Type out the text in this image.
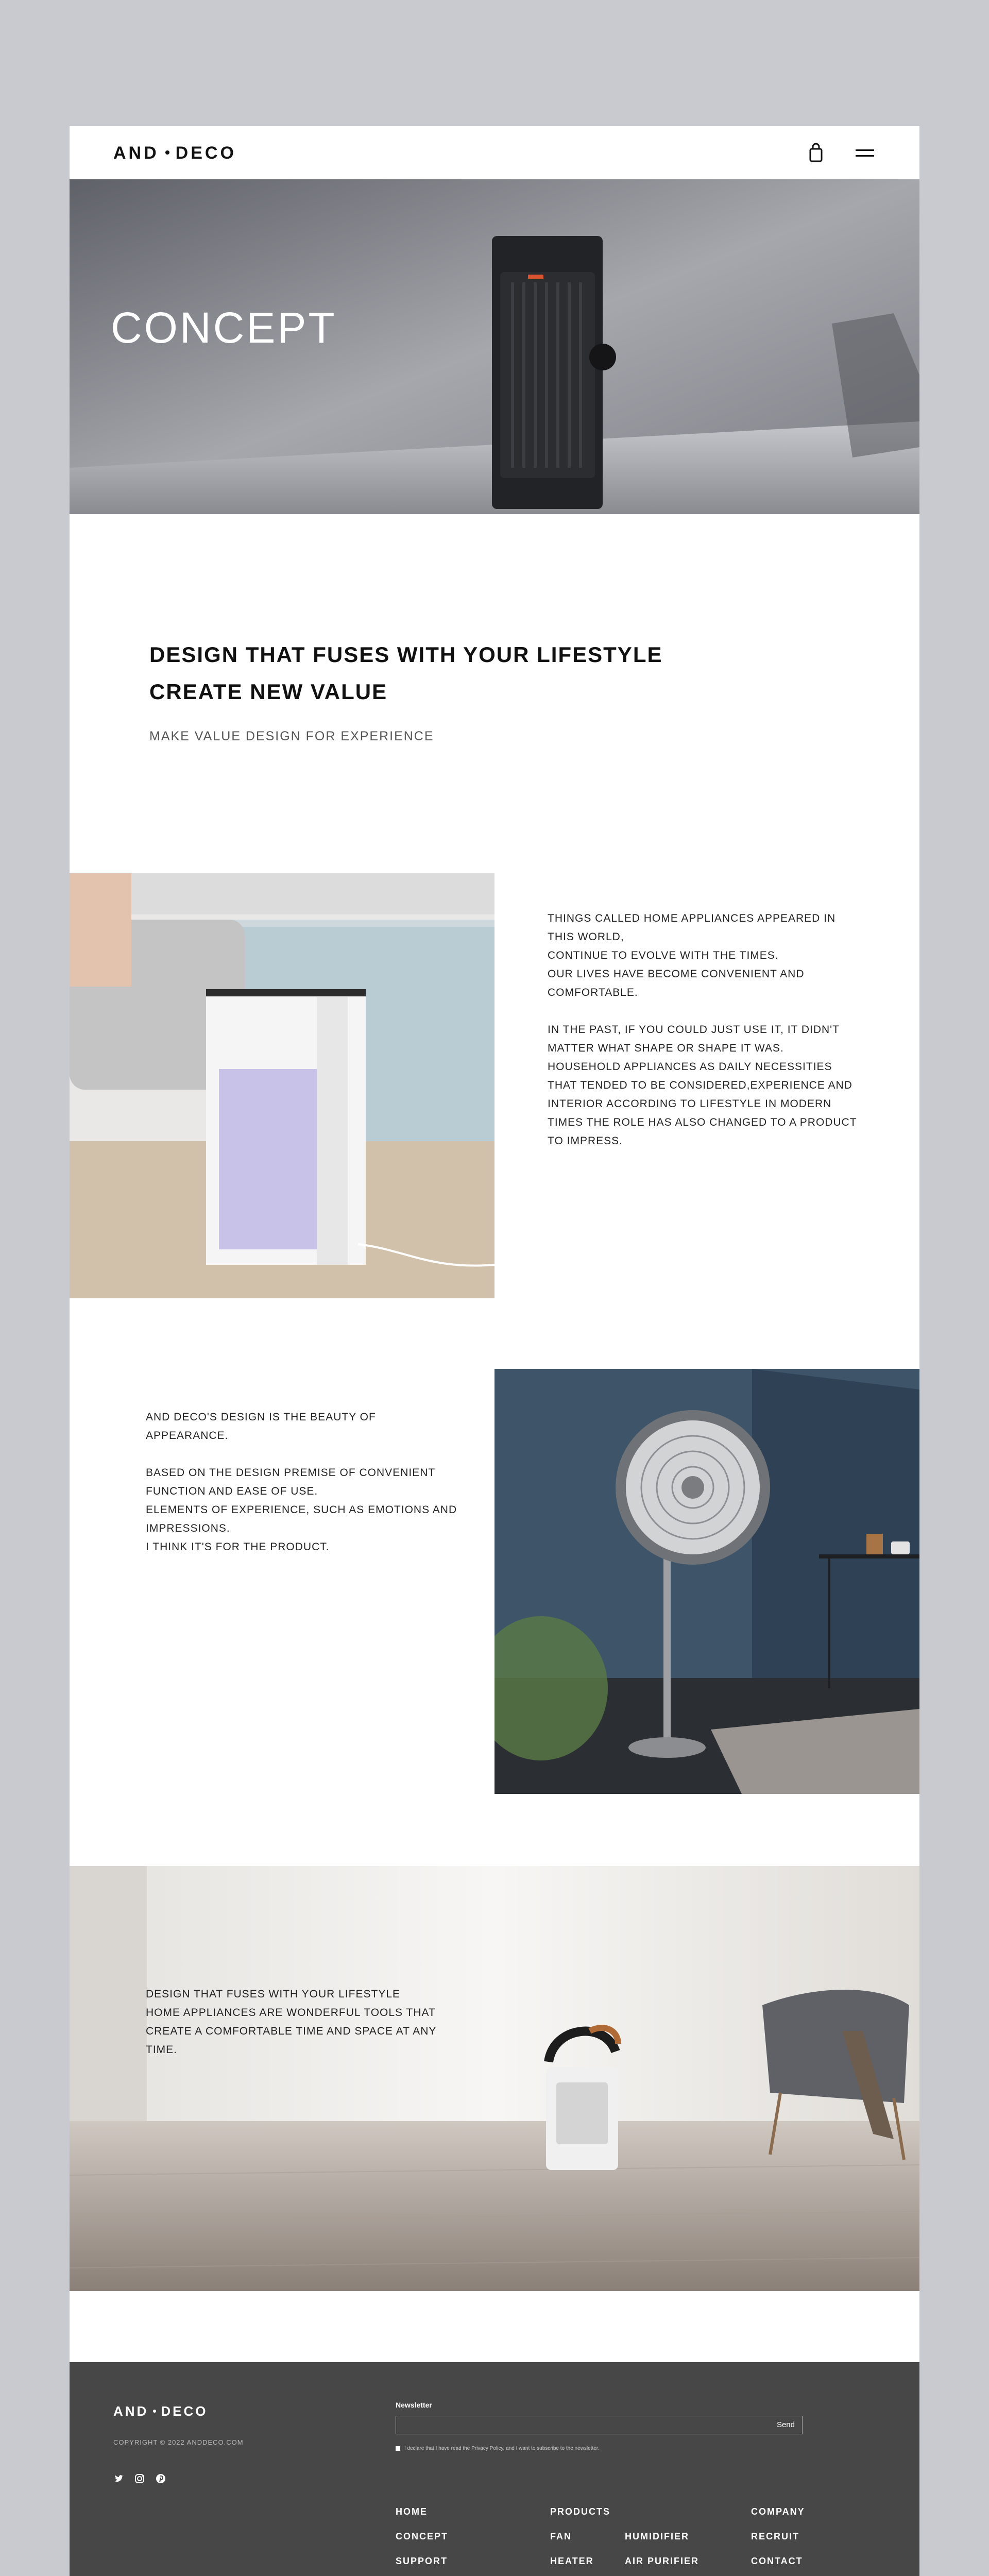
AND DECO
CONCEPT
DESIGN THAT FUSES WITH YOUR LIFESTYLE
CREATE NEW VALUE
MAKE VALUE DESIGN FOR EXPERIENCE

THINGS CALLED HOME APPLIANCES APPEARED IN
THIS WORLD,
CONTINUE TO EVOLVE WITH THE TIMES.
OUR LIVES HAVE BECOME CONVENIENT AND
COMFORTABLE.

IN THE PAST, IF YOU COULD JUST USE IT, IT DIDN'T
MATTER WHAT SHAPE OR SHAPE IT WAS.
HOUSEHOLD APPLIANCES AS DAILY NECESSITIES
THAT TENDED TO BE CONSIDERED,EXPERIENCE AND
INTERIOR ACCORDING TO LIFESTYLE IN MODERN
TIMES THE ROLE HAS ALSO CHANGED TO A PRODUCT
TO IMPRESS.

AND DECO'S DESIGN IS THE BEAUTY OF
APPEARANCE.

BASED ON THE DESIGN PREMISE OF CONVENIENT
FUNCTION AND EASE OF USE.
ELEMENTS OF EXPERIENCE, SUCH AS EMOTIONS AND
IMPRESSIONS.
I THINK IT'S FOR THE PRODUCT.

DESIGN THAT FUSES WITH YOUR LIFESTYLE
HOME APPLIANCES ARE WONDERFUL TOOLS THAT
CREATE A COMFORTABLE TIME AND SPACE AT ANY
TIME.

AND DECO
COPYRIGHT © 2022 ANDDECO.COM
Newsletter
Send
I declare that I have read the Privacy Policy, and I want to subscribe to the newsletter.
HOME
CONCEPT
SUPPORT
PRODUCTS
FAN
HEATER
HUMIDIFIER
AIR PURIFIER
COMPANY
RECRUIT
CONTACT
